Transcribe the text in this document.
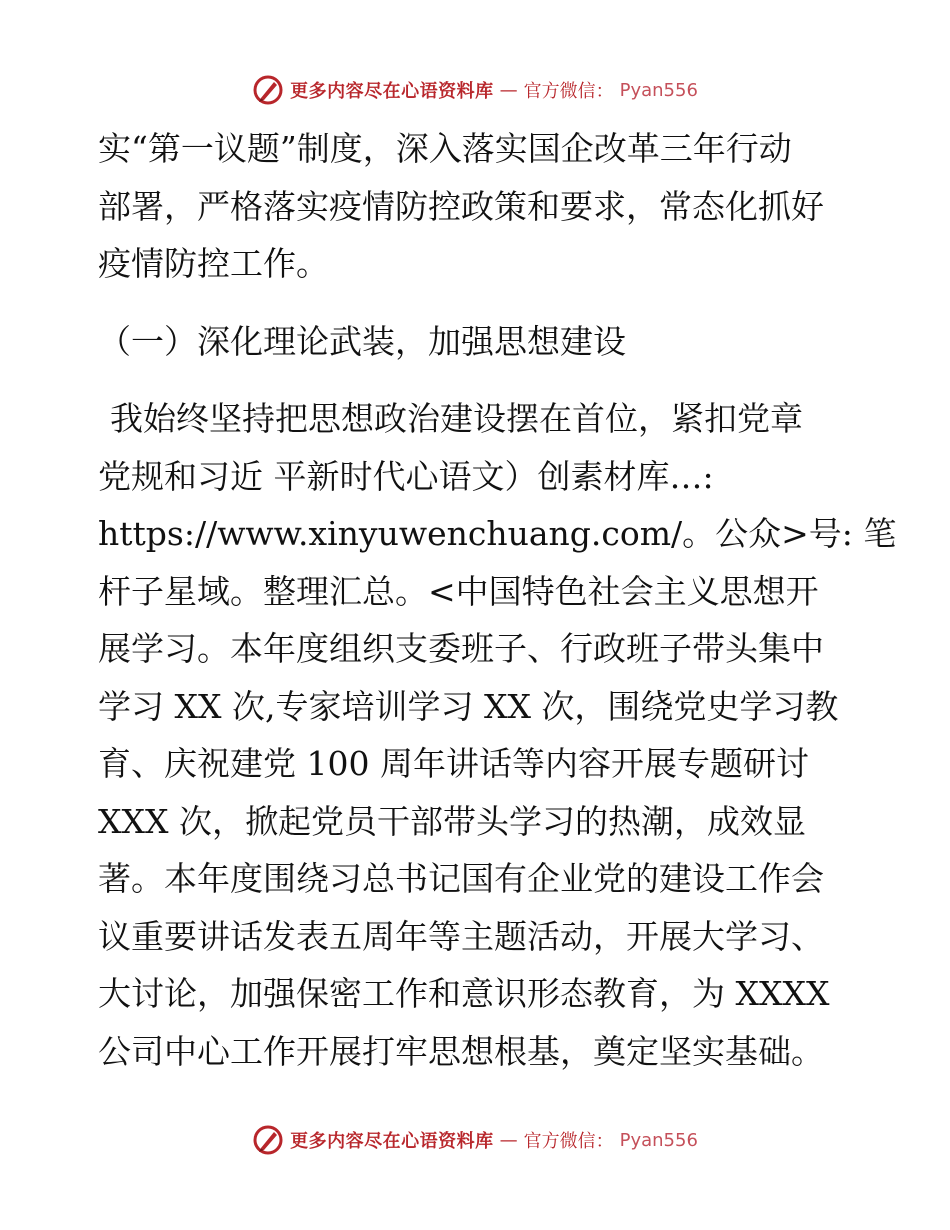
更多内容尽在心语资料库 — 官方微信： Pyan556
实“第一议题”制度，深入落实国企改革三年行动
部署，严格落实疫情防控政策和要求，常态化抓好
疫情防控工作。
（一）深化理论武装，加强思想建设
我始终坚持把思想政治建设摆在首位，紧扣党章
党规和习近 平新时代心语文）创素材库…:
https://www.xinyuwenchuang.com/。公众>号: 笔
杆子星域。整理汇总。<中国特色社会主义思想开
展学习。本年度组织支委班子、行政班子带头集中
学习 XX 次,专家培训学习 XX 次，围绕党史学习教
育、庆祝建党 100 周年讲话等内容开展专题研讨
XXX 次，掀起党员干部带头学习的热潮，成效显
著。本年度围绕习总书记国有企业党的建设工作会
议重要讲话发表五周年等主题活动，开展大学习、
大讨论，加强保密工作和意识形态教育，为 XXXX
公司中心工作开展打牢思想根基，奠定坚实基础。
更多内容尽在心语资料库 — 官方微信： Pyan556
